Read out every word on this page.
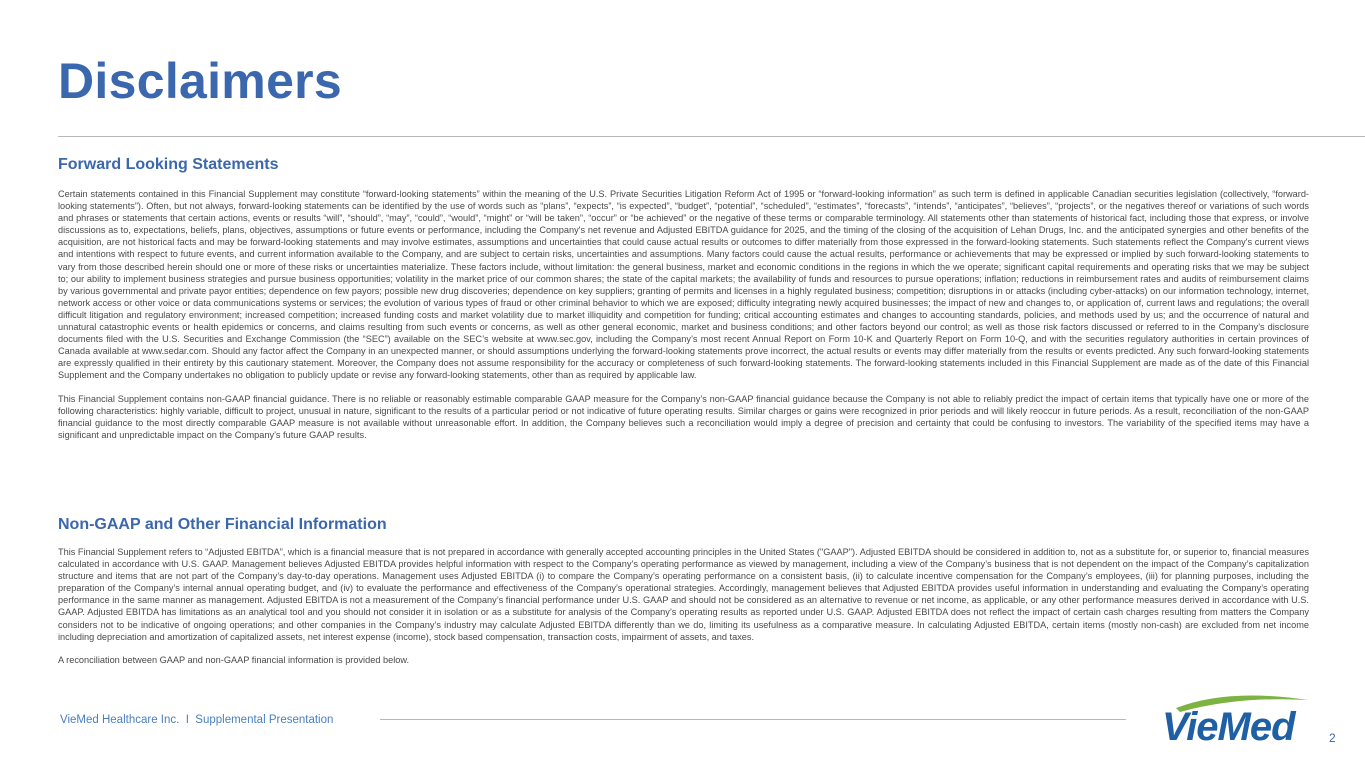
Disclaimers
Forward Looking Statements

Certain statements contained in this Financial Supplement may constitute “forward-looking statements” within the meaning of the U.S. Private Securities Litigation Reform Act of 1995 or “forward-looking information” as such term is defined in applicable Canadian securities legislation (collectively, “forward-looking statements”). Often, but not always, forward-looking statements can be identified by the use of words such as “plans”, “expects”, “is expected”, “budget”, “potential”, “scheduled”, “estimates”, “forecasts”, “intends”, “anticipates”, “believes”, “projects”, or the negatives thereof or variations of such words and phrases or statements that certain actions, events or results “will”, “should”, “may”, “could”, “would”, “might” or “will be taken”, “occur” or “be achieved” or the negative of these terms or comparable terminology. All statements other than statements of historical fact, including those that express, or involve discussions as to, expectations, beliefs, plans, objectives, assumptions or future events or performance, including the Company's net revenue and Adjusted EBITDA guidance for 2025, and the timing of the closing of the acquisition of Lehan Drugs, Inc. and the anticipated synergies and other benefits of the acquisition, are not historical facts and may be forward-looking statements and may involve estimates, assumptions and uncertainties that could cause actual results or outcomes to differ materially from those expressed in the forward-looking statements. Such statements reflect the Company's current views and intentions with respect to future events, and current information available to the Company, and are subject to certain risks, uncertainties and assumptions. Many factors could cause the actual results, performance or achievements that may be expressed or implied by such forward-looking statements to vary from those described herein should one or more of these risks or uncertainties materialize. These factors include, without limitation: the general business, market and economic conditions in the regions in which the we operate; significant capital requirements and operating risks that we may be subject to; our ability to implement business strategies and pursue business opportunities; volatility in the market price of our common shares; the state of the capital markets; the availability of funds and resources to pursue operations; inflation; reductions in reimbursement rates and audits of reimbursement claims by various governmental and private payor entities; dependence on few payors; possible new drug discoveries; dependence on key suppliers; granting of permits and licenses in a highly regulated business; competition; disruptions in or attacks (including cyber-attacks) on our information technology, internet, network access or other voice or data communications systems or services; the evolution of various types of fraud or other criminal behavior to which we are exposed; difficulty integrating newly acquired businesses; the impact of new and changes to, or application of, current laws and regulations; the overall difficult litigation and regulatory environment; increased competition; increased funding costs and market volatility due to market illiquidity and competition for funding; critical accounting estimates and changes to accounting standards, policies, and methods used by us; and the occurrence of natural and unnatural catastrophic events or health epidemics or concerns, and claims resulting from such events or concerns, as well as other general economic, market and business conditions; and other factors beyond our control; as well as those risk factors discussed or referred to in the Company’s disclosure documents filed with the U.S. Securities and Exchange Commission (the “SEC”) available on the SEC’s website at www.sec.gov, including the Company’s most recent Annual Report on Form 10-K and Quarterly Report on Form 10-Q, and with the securities regulatory authorities in certain provinces of Canada available at www.sedar.com. Should any factor affect the Company in an unexpected manner, or should assumptions underlying the forward-looking statements prove incorrect, the actual results or events may differ materially from the results or events predicted. Any such forward-looking statements are expressly qualified in their entirety by this cautionary statement. Moreover, the Company does not assume responsibility for the accuracy or completeness of such forward-looking statements. The forward-looking statements included in this Financial Supplement are made as of the date of this Financial Supplement and the Company undertakes no obligation to publicly update or revise any forward-looking statements, other than as required by applicable law.

This Financial Supplement contains non-GAAP financial guidance. There is no reliable or reasonably estimable comparable GAAP measure for the Company’s non-GAAP financial guidance because the Company is not able to reliably predict the impact of certain items that typically have one or more of the following characteristics: highly variable, difficult to project, unusual in nature, significant to the results of a particular period or not indicative of future operating results. Similar charges or gains were recognized in prior periods and will likely reoccur in future periods. As a result, reconciliation of the non-GAAP financial guidance to the most directly comparable GAAP measure is not available without unreasonable effort. In addition, the Company believes such a reconciliation would imply a degree of precision and certainty that could be confusing to investors. The variability of the specified items may have a significant and unpredictable impact on the Company’s future GAAP results.

Non-GAAP and Other Financial Information

This Financial Supplement refers to “Adjusted EBITDA”, which is a financial measure that is not prepared in accordance with generally accepted accounting principles in the United States ("GAAP"). Adjusted EBITDA should be considered in addition to, not as a substitute for, or superior to, financial measures calculated in accordance with U.S. GAAP. Management believes Adjusted EBITDA provides helpful information with respect to the Company’s operating performance as viewed by management, including a view of the Company’s business that is not dependent on the impact of the Company’s capitalization structure and items that are not part of the Company’s day-to-day operations. Management uses Adjusted EBITDA (i) to compare the Company’s operating performance on a consistent basis, (ii) to calculate incentive compensation for the Company’s employees, (iii) for planning purposes, including the preparation of the Company’s internal annual operating budget, and (iv) to evaluate the performance and effectiveness of the Company’s operational strategies. Accordingly, management believes that Adjusted EBITDA provides useful information in understanding and evaluating the Company’s operating performance in the same manner as management. Adjusted EBITDA is not a measurement of the Company’s financial performance under U.S. GAAP and should not be considered as an alternative to revenue or net income, as applicable, or any other performance measures derived in accordance with U.S. GAAP. Adjusted EBITDA has limitations as an analytical tool and you should not consider it in isolation or as a substitute for analysis of the Company’s operating results as reported under U.S. GAAP. Adjusted EBITDA does not reflect the impact of certain cash charges resulting from matters the Company considers not to be indicative of ongoing operations; and other companies in the Company’s industry may calculate Adjusted EBITDA differently than we do, limiting its usefulness as a comparative measure. In calculating Adjusted EBITDA, certain items (mostly non-cash) are excluded from net income including depreciation and amortization of capitalized assets, net interest expense (income), stock based compensation, transaction costs, impairment of assets, and taxes.

A reconciliation between GAAP and non-GAAP financial information is provided below.

VieMed Healthcare Inc.  I  Supplemental Presentation	VieMed	2
